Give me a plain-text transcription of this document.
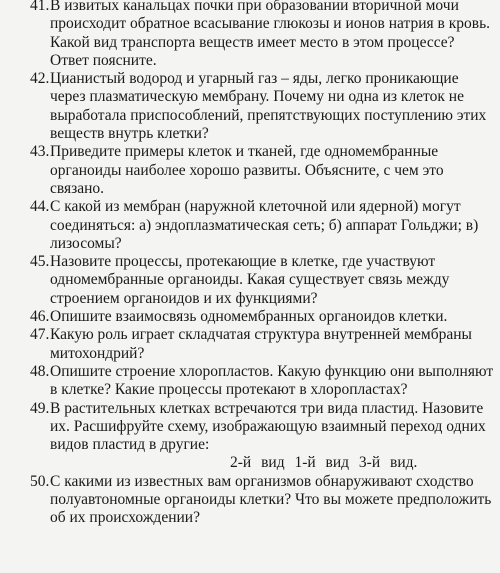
41. В извитых канальцах почки при образовании вторичной мочи происходит обратное всасывание глюкозы и ионов натрия в кровь. Какой вид транспорта веществ имеет место в этом процессе? Ответ поясните.
42. Цианистый водород и угарный газ – яды, легко проникающие через плазматическую мембрану. Почему ни одна из клеток не выработала приспособлений, препятствующих поступлению этих веществ внутрь клетки?
43. Приведите примеры клеток и тканей, где одномембранные органоиды наиболее хорошо развиты. Объясните, с чем это связано.
44. С какой из мембран (наружной клеточной или ядерной) могут соединяться: а) эндоплазматическая сеть; б) аппарат Гольджи; в) лизосомы?
45. Назовите процессы, протекающие в клетке, где участвуют одномембранные органоиды. Какая существует связь между строением органоидов и их функциями?
46. Опишите взаимосвязь одномембранных органоидов клетки.
47. Какую роль играет складчатая структура внутренней мембраны митохондрий?
48. Опишите строение хлоропластов. Какую функцию они выполняют в клетке? Какие процессы протекают в хлоропластах?
49. В растительных клетках встречаются три вида пластид. Назовите их. Расшифруйте схему, изображающую взаимный переход одних видов пластид в другие:
2-й вид 1-й вид 3-й вид.
50. С какими из известных вам организмов обнаруживают сходство полуавтономные органоиды клетки? Что вы можете предположить об их происхождении?
